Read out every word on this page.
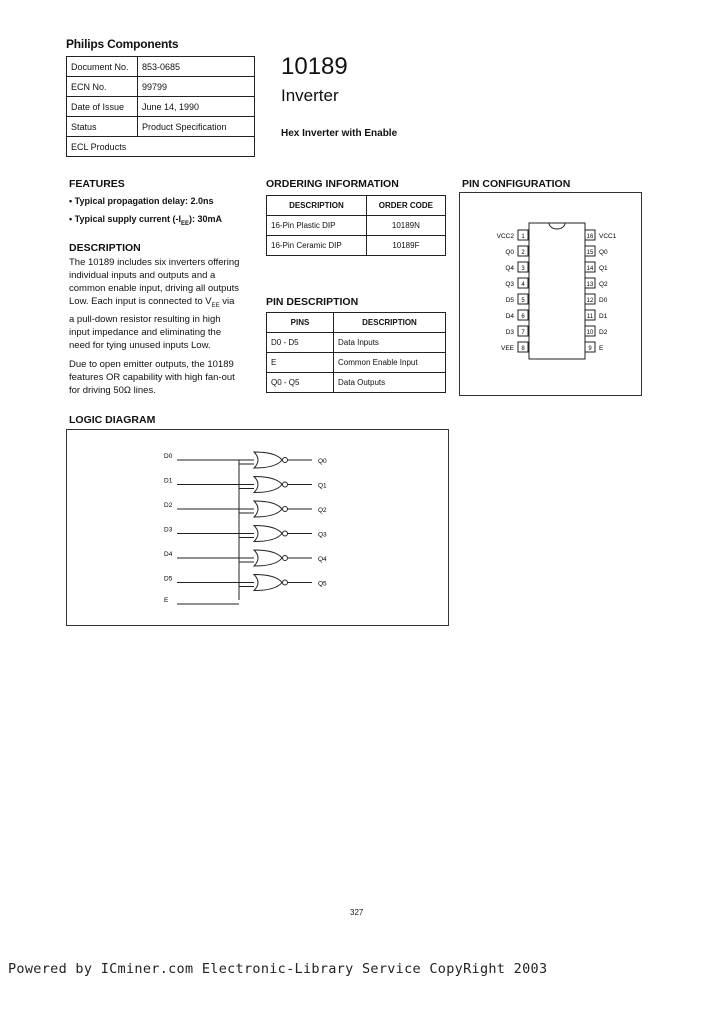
Philips Components
Document No.	853-0685
ECN No.	99799
Date of Issue	June 14, 1990
Status	Product Specification
ECL Products	
10189
Inverter
Hex Inverter with Enable
FEATURES
• Typical propagation delay: 2.0ns
• Typical supply current $(-I_{EE})$: 30mA
DESCRIPTION
The 10189 includes six inverters offering
individual inputs and outputs and a
common enable input, driving all outputs
Low. Each input is connected to $V_{EE}$ via
a pull-down resistor resulting in high
input impedance and eliminating the
need for tying unused inputs Low.
Due to open emitter outputs, the 10189
features OR capability with high fan-out
for driving 50Ω lines.
ORDERING INFORMATION
DESCRIPTION	ORDER CODE
16-Pin Plastic DIP	10189N
16-Pin Ceramic DIP	10189F
PIN DESCRIPTION
PINS	DESCRIPTION
D0 - D5	Data Inputs
E	Common Enable Input
Q0 - Q5	Data Outputs
PIN CONFIGURATION
1
VCC2
2
Q0
3
Q4
4
Q3
5
D5
6
D4
7
D3
8
VEE
16 VCC1
15 Q0
14 Q1
13 Q2
12 D0
11 D1
10 D2
9 E
LOGIC DIAGRAM
D0
D1
D2
D3
D4
D5
E
Q0
Q1
Q2
Q3
Q4
Q5
327
Powered by ICminer.com Electronic-Library Service CopyRight 2003
